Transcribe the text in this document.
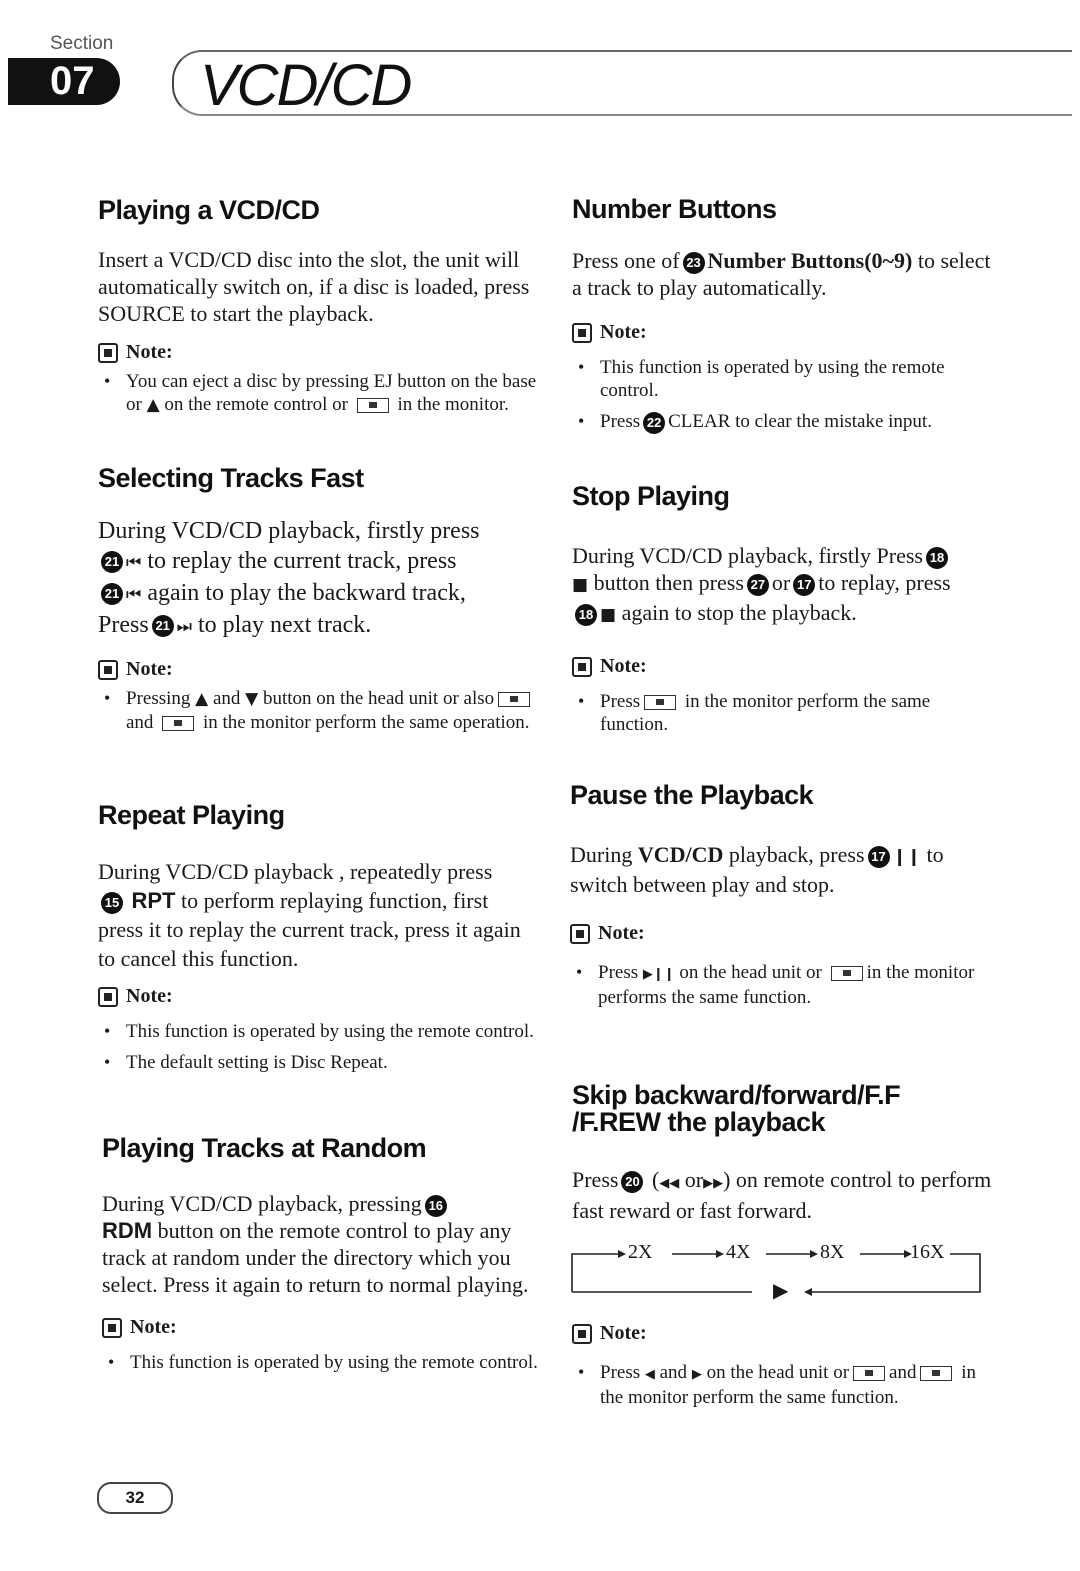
Section
07	VCD/CD
Playing a VCD/CD

Insert a VCD/CD disc into the slot, the unit will automatically switch on, if a disc is loaded, press SOURCE to start the playback.

Note:
• You can eject a disc by pressing EJ button on the base or ▲ on the remote control or  in the monitor.
Selecting Tracks Fast

During VCD/CD playback, firstly press
21 ⏮ to replay the current track, press
21 ⏮ again to play the backward track,
Press 21 ⏭ to play next track.

Note:
• Pressing ▲ and ▼ button on the head unit or also and  in the monitor perform the same operation.
Repeat Playing

During VCD/CD playback , repeatedly press
15 RPT to perform replaying function, first press it to replay the current track, press it again to cancel this function.

Note:
• This function is operated by using the remote control.
• The default setting is Disc Repeat.
Playing Tracks at Random

During VCD/CD playback, pressing 16
RDM button on the remote control to play any track at random under the directory which you select. Press it again to return to normal playing.

Note:
• This function is operated by using the remote control.
32
Number Buttons

Press one of 23 Number Buttons(0~9) to select a track to play automatically.

Note:
• This function is operated by using the remote control.
• Press 22 CLEAR to clear the mistake input.
Stop Playing

During VCD/CD playback, firstly Press 18
■ button then press 27 or 17 to replay, press
18 ■ again to stop the playback.

Note:
• Press in the monitor perform the same function.
Pause the Playback

During VCD/CD playback, press 17 ❙❙ to switch between play and stop.

Note:
• Press ▶❙❙ on the head unit or in the monitor performs the same function.
Skip backward/forward/F.F
/F.REW the playback

Press 20 (◀◀ or▶▶) on remote control to perform fast reward or fast forward.

2X	4X	8X	16X
▶
Note:
• Press ◀ and ▶ on the head unit or and in the monitor perform the same function.
